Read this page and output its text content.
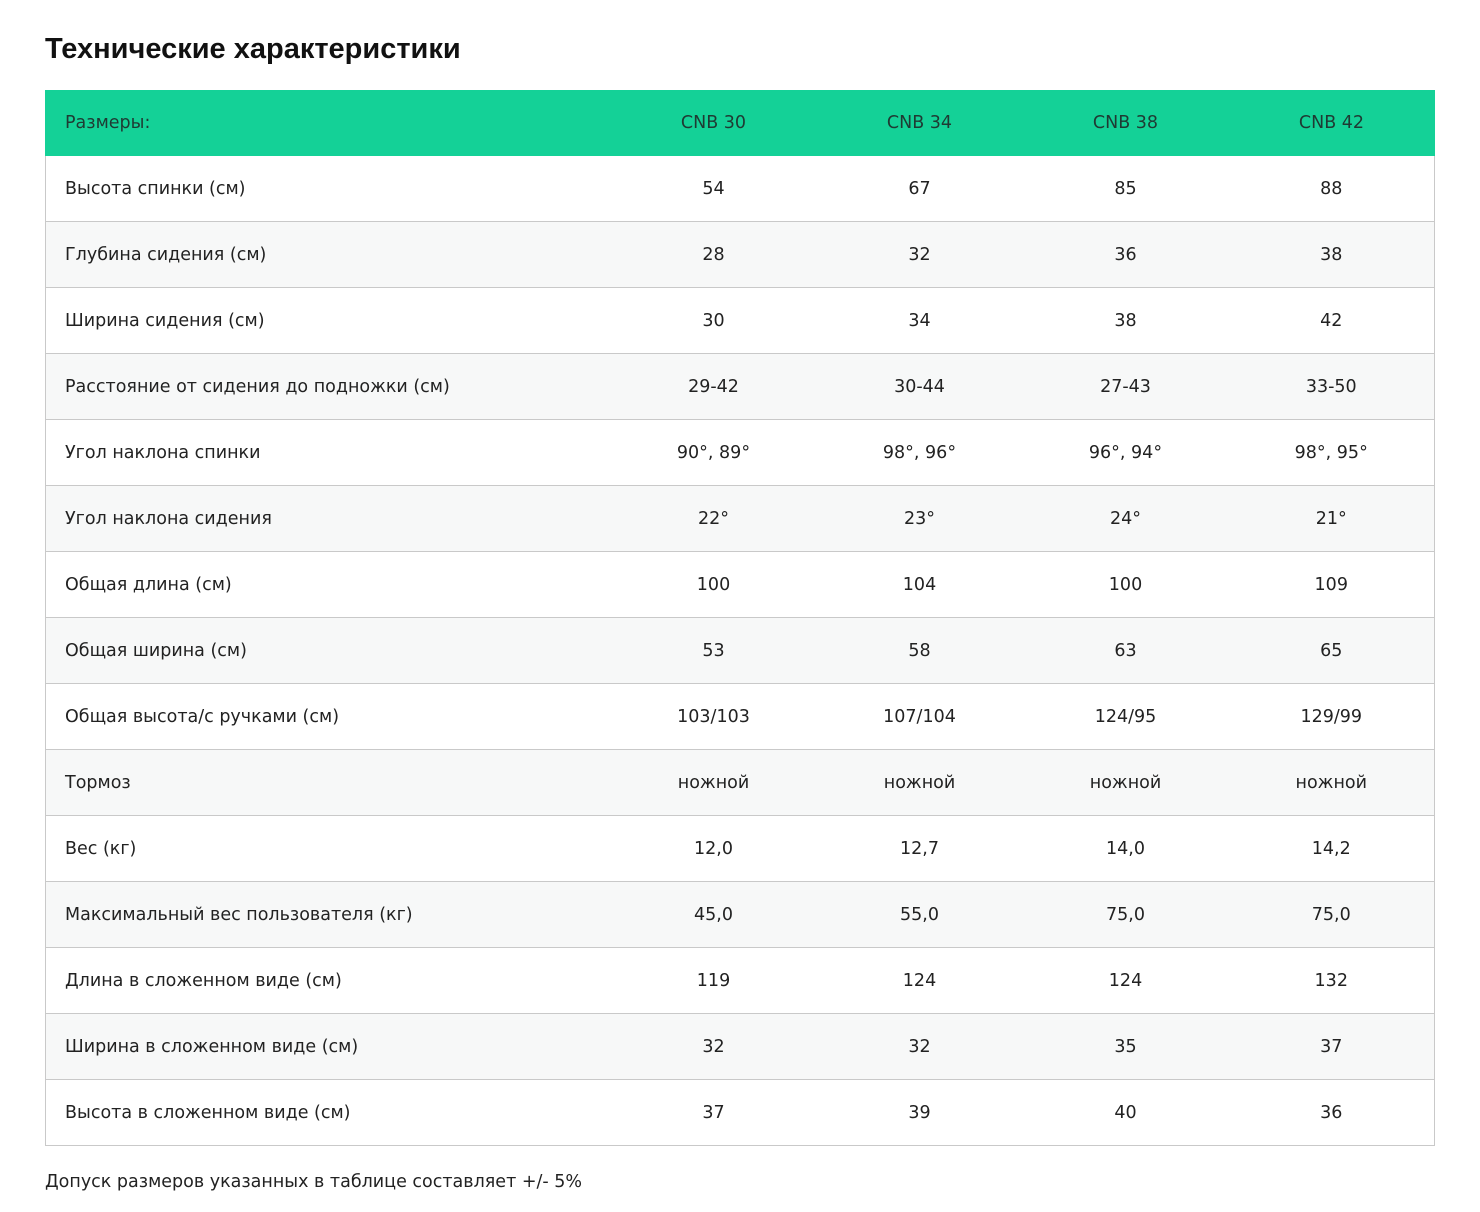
Технические характеристики
Размеры:	CNB 30	CNB 34	CNB 38	CNB 42
Высота спинки (см)	54	67	85	88
Глубина сидения (см)	28	32	36	38
Ширина сидения (см)	30	34	38	42
Расстояние от сидения до подножки (см)	29-42	30-44	27-43	33-50
Угол наклона спинки	90°, 89°	98°, 96°	96°, 94°	98°, 95°
Угол наклона сидения	22°	23°	24°	21°
Общая длина (см)	100	104	100	109
Общая ширина (см)	53	58	63	65
Общая высота/с ручками (см)	103/103	107/104	124/95	129/99
Тормоз	ножной	ножной	ножной	ножной
Вес (кг)	12,0	12,7	14,0	14,2
Максимальный вес пользователя (кг)	45,0	55,0	75,0	75,0
Длина в сложенном виде (см)	119	124	124	132
Ширина в сложенном виде (см)	32	32	35	37
Высота в сложенном виде (см)	37	39	40	36

Допуск размеров указанных в таблице составляет +/- 5%
